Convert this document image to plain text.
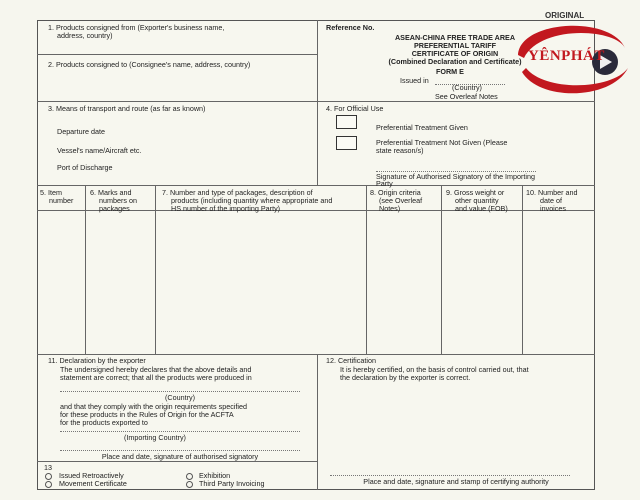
ORIGINAL
1. Products consigned from (Exporter's business name,
address, country)
2. Products consigned to (Consignee's name, address, country)
Reference No.
ASEAN-CHINA FREE TRADE AREA
PREFERENTIAL TARIFF
CERTIFICATE OF ORIGIN
(Combined Declaration and Certificate)
FORM E
Issued in
(Country)
See Overleaf Notes
3. Means of transport and route (as far as known)
Departure date
Vessel's name/Aircraft etc.
Port of Discharge
4. For Official Use
Preferential Treatment Given
Preferential Treatment Not Given (Please
state reason/s)
Signature of Authorised Signatory of the Importing
Party
5. Item
number
6. Marks and
numbers on
packages
7. Number and type of packages, description of
products (including quantity where appropriate and
HS number of the importing Party)
8. Origin criteria
(see Overleaf
Notes)
9. Gross weight or
other quantity
and value (FOB)
10. Number and
date of
invoices
11. Declaration by the exporter
The undersigned hereby declares that the above details and
statement are correct; that all the products were produced in
(Country)
and that they comply with the origin requirements specified
for these products in the Rules of Origin for the ACFTA
for the products exported to
(Importing Country)
Place and date, signature of authorised signatory
12. Certification
It is hereby certified, on the basis of control carried out, that
the declaration by the exporter is correct.
Place and date, signature and stamp of certifying authority
13
Issued Retroactively	Exhibition
Movement Certificate	Third Party Invoicing
YÊNPHÁT
